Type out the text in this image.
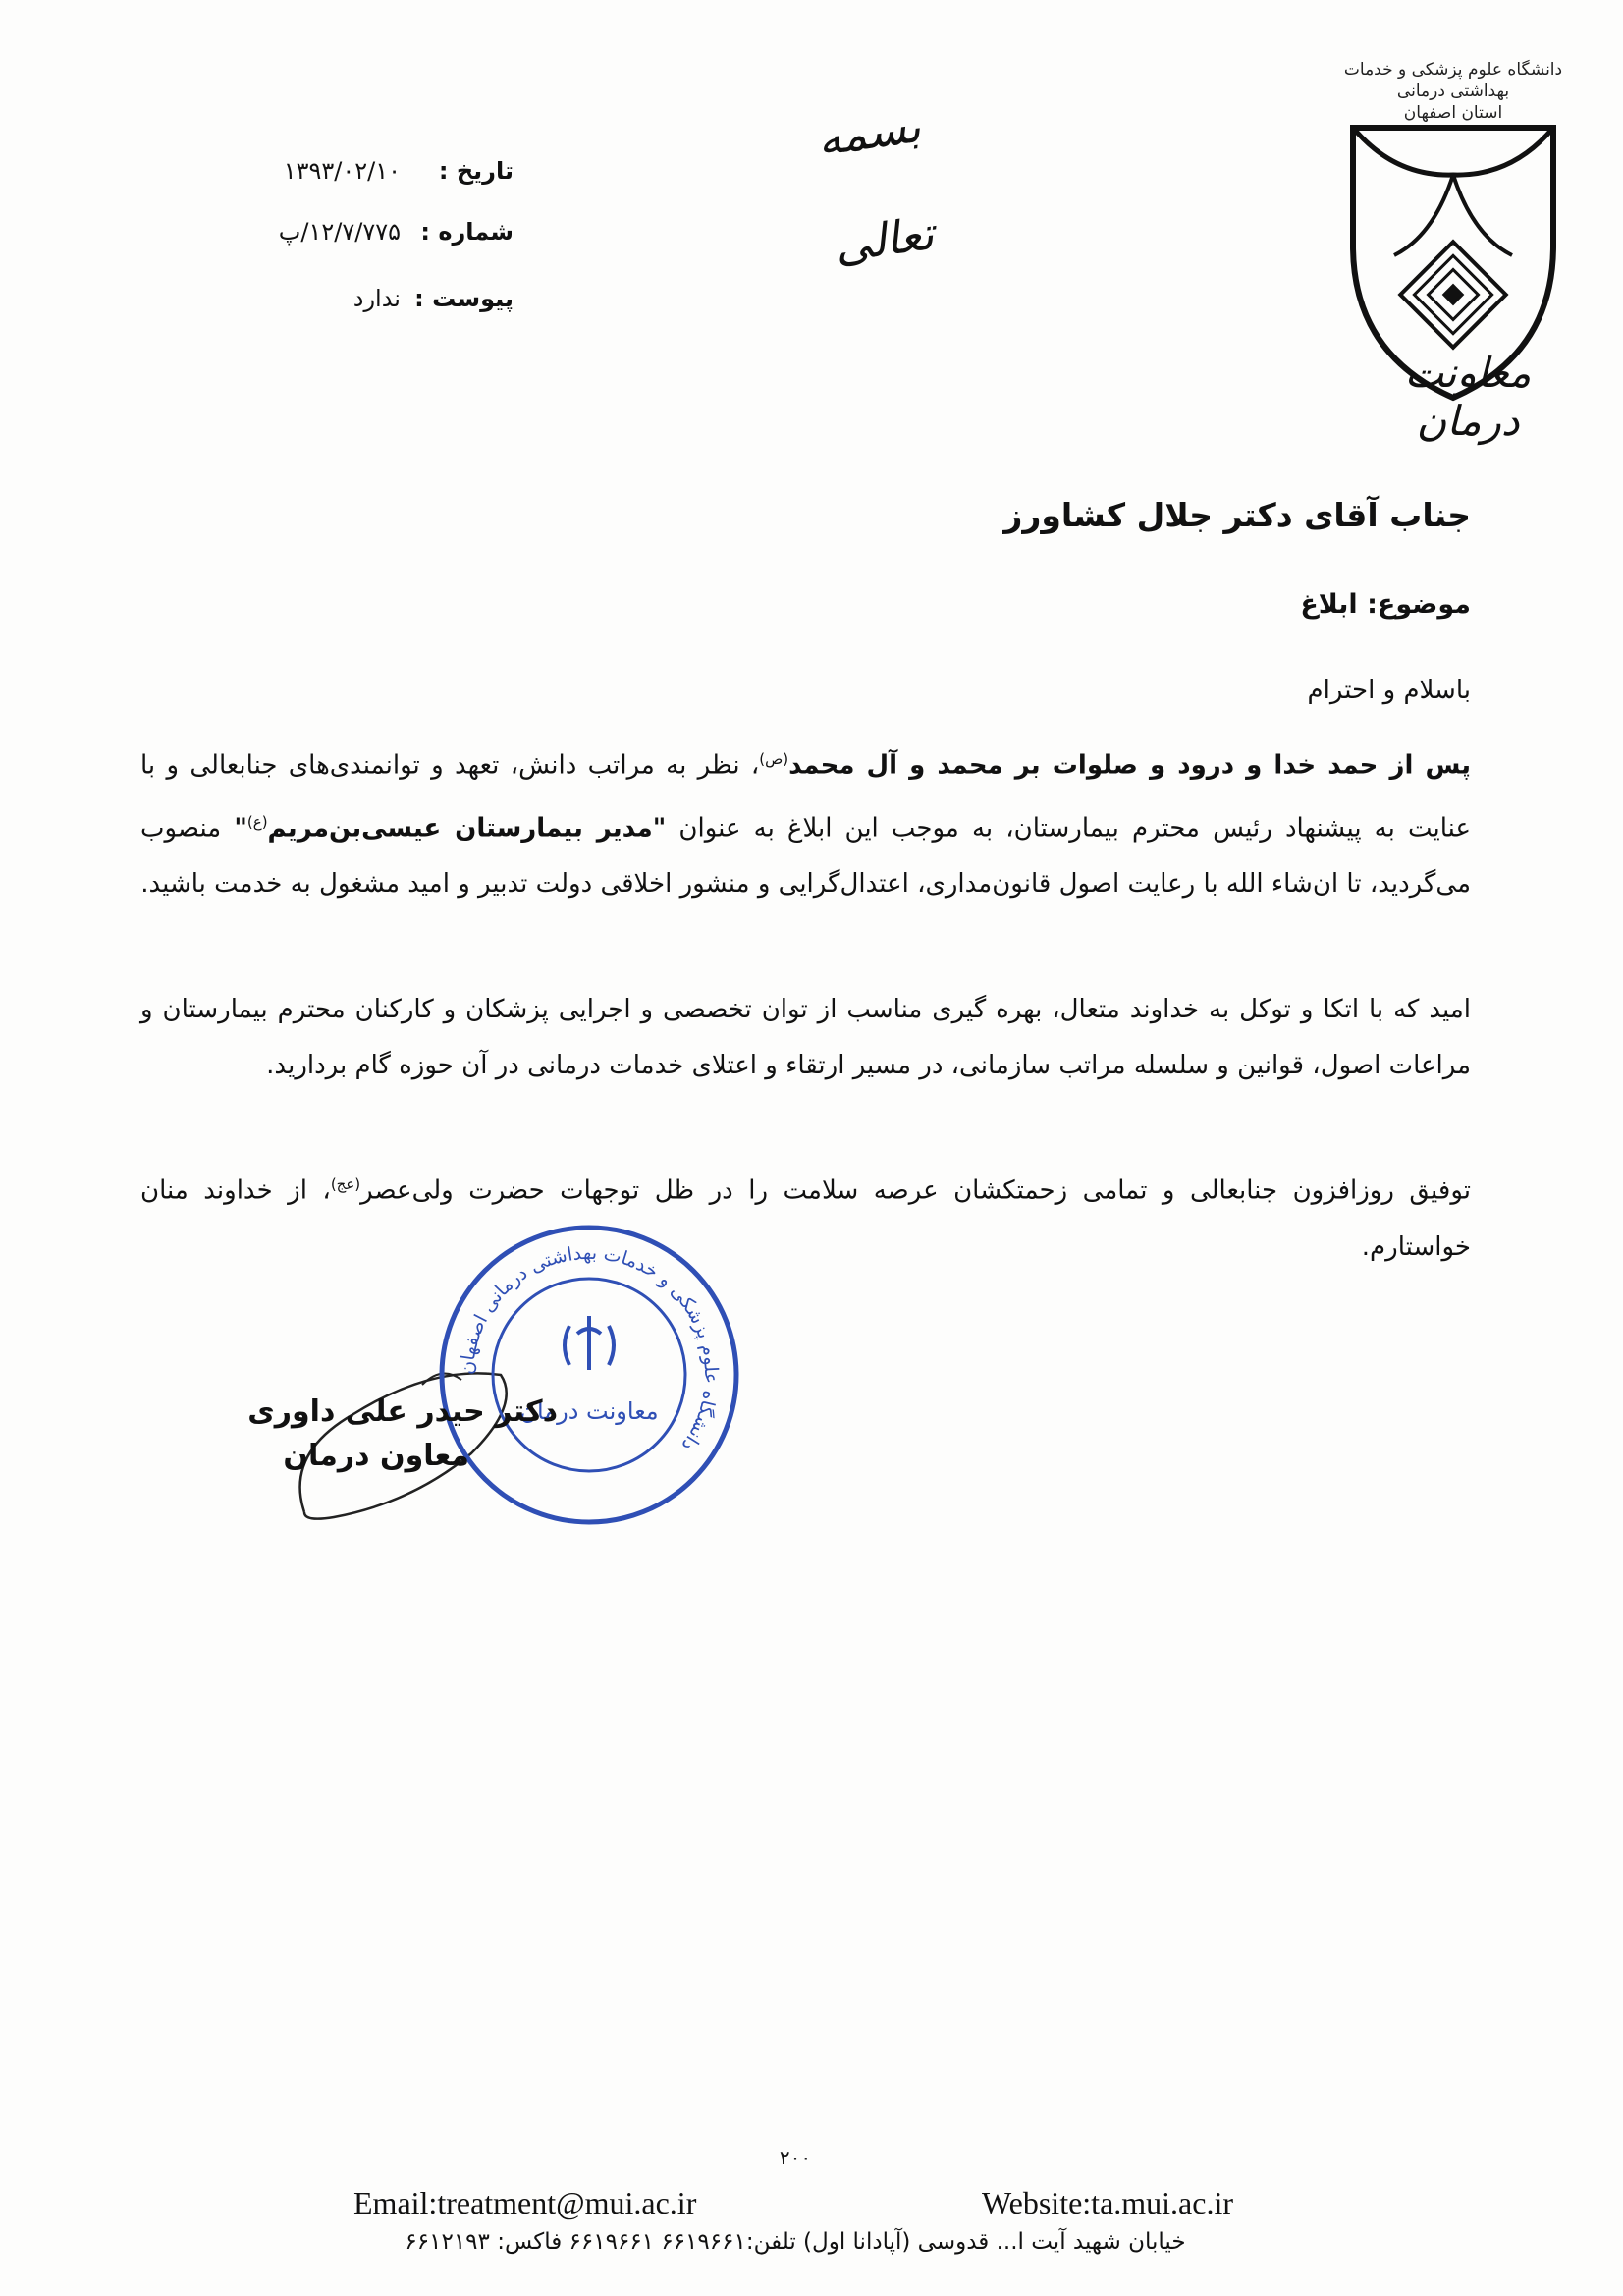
بسمه تعالی
دانشگاه علوم پزشکی و خدمات بهداشتی درمانی
استان اصفهان
معاونت درمان
تاریخ :
۱۳۹۳/۰۲/۱۰
شماره :
۱۲/۷/۷۷۵/پ
پیوست :
ندارد
جناب آقای دکتر جلال کشاورز
موضوع: ابلاغ
باسلام و احترام
پس از حمد خدا و درود و صلوات بر محمد و آل محمد$^{(ص)}$، نظر به مراتب دانش، تعهد و توانمندی‌های جنابعالی و با عنایت به پیشنهاد رئیس محترم بیمارستان، به موجب این ابلاغ به عنوان "مدیر بیمارستان عیسی‌بن‌مریم$^{(ع)}$" منصوب می‌گردید، تا ان‌شاء الله با رعایت اصول قانون‌مداری، اعتدال‌گرایی و منشور اخلاقی دولت تدبیر و امید مشغول به خدمت باشید.
امید که با اتکا و توکل به خداوند متعال، بهره گیری مناسب از توان تخصصی و اجرایی پزشکان و کارکنان محترم بیمارستان و مراعات اصول، قوانین و سلسله مراتب سازمانی، در مسیر ارتقاء و اعتلای خدمات درمانی در آن حوزه گام بردارید.
توفیق روزافزون جنابعالی و تمامی زحمتکشان عرصه سلامت را در ظل توجهات حضرت ولی‌عصر$^{(عج)}$، از خداوند منان خواستارم.
دانشگاه علوم پزشکی و خدمات بهداشتی درمانی اصفهان
معاونت درمان
دکتر حیدر علی داوری
معاون درمان
۲۰۰
Email:treatment@mui.ac.ir	Website:ta.mui.ac.ir
خیابان شهید آیت ا... قدوسی (آپادانا اول) تلفن:۶۶۱۹۶۶۱ ۶۶۱۹۶۶۱ فاکس: ۶۶۱۲۱۹۳
